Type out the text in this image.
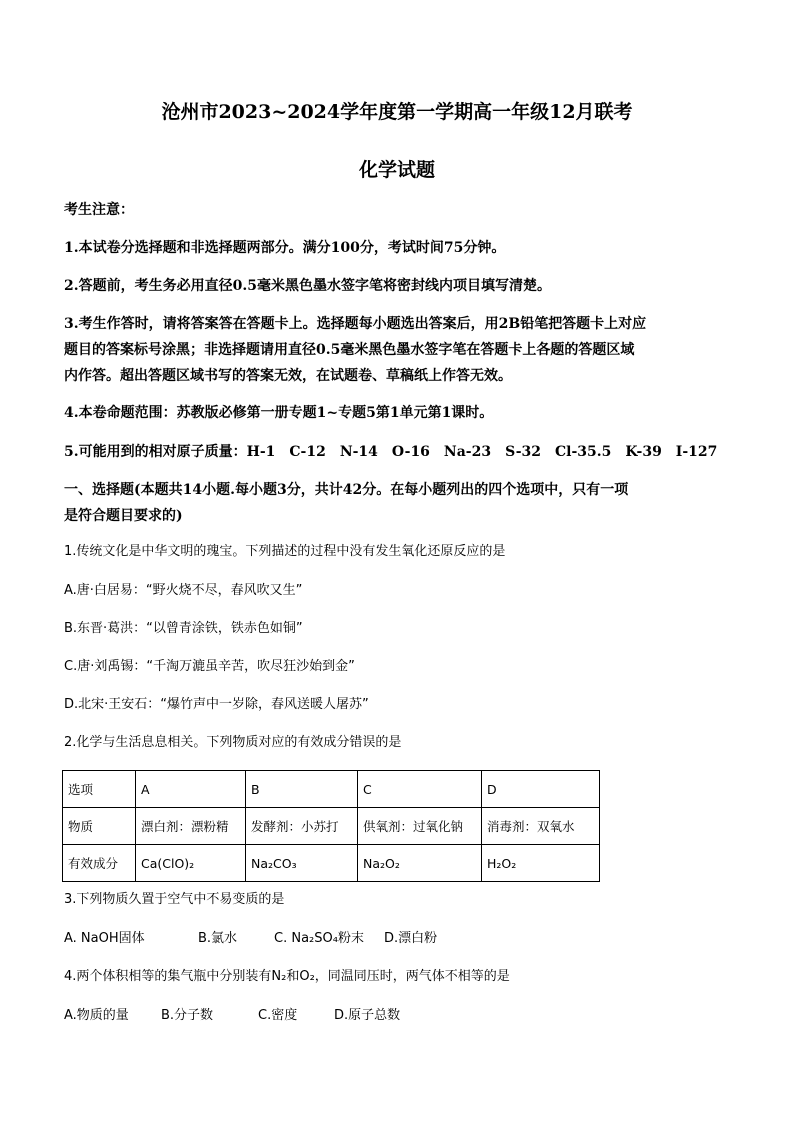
沧州市2023~2024学年度第一学期高一年级12月联考
化学试题
考生注意：
1.本试卷分选择题和非选择题两部分。满分100分，考试时间75分钟。
2.答题前，考生务必用直径0.5毫米黑色墨水签字笔将密封线内项目填写清楚。
3.考生作答时，请将答案答在答题卡上。选择题每小题选出答案后，用2B铅笔把答题卡上对应
题目的答案标号涂黑；非选择题请用直径0.5毫米黑色墨水签字笔在答题卡上各题的答题区域
内作答。超出答题区域书写的答案无效，在试题卷、草稿纸上作答无效。
4.本卷命题范围：苏教版必修第一册专题1~专题5第1单元第1课时。
5.可能用到的相对原子质量：H-1　C-12　N-14　O-16　Na-23　S-32　Cl-35.5　K-39　I-127
一、选择题(本题共14小题.每小题3分，共计42分。在每小题列出的四个选项中，只有一项
是符合题目要求的)
1.传统文化是中华文明的瑰宝。下列描述的过程中没有发生氧化还原反应的是
A.唐·白居易：“野火烧不尽，春风吹又生”
B.东晋·葛洪：“以曾青涂铁，铁赤色如铜”
C.唐·刘禹锡：“千淘万漉虽辛苦，吹尽狂沙始到金”
D.北宋·王安石：“爆竹声中一岁除，春风送暖人屠苏”
2.化学与生活息息相关。下列物质对应的有效成分错误的是
选项	A	B	C	D
物质	漂白剂：漂粉精	发酵剂：小苏打	供氧剂：过氧化钠	消毒剂：双氧水
有效成分	Ca(ClO)₂	Na₂CO₃	Na₂O₂	H₂O₂
3.下列物质久置于空气中不易变质的是
A. NaOH固体	B.氯水	C. Na₂SO₄粉末 D.漂白粉
4.两个体积相等的集气瓶中分别装有N₂和O₂，同温同压时，两气体不相等的是
A.物质的量 B.分子数	C.密度	D.原子总数
